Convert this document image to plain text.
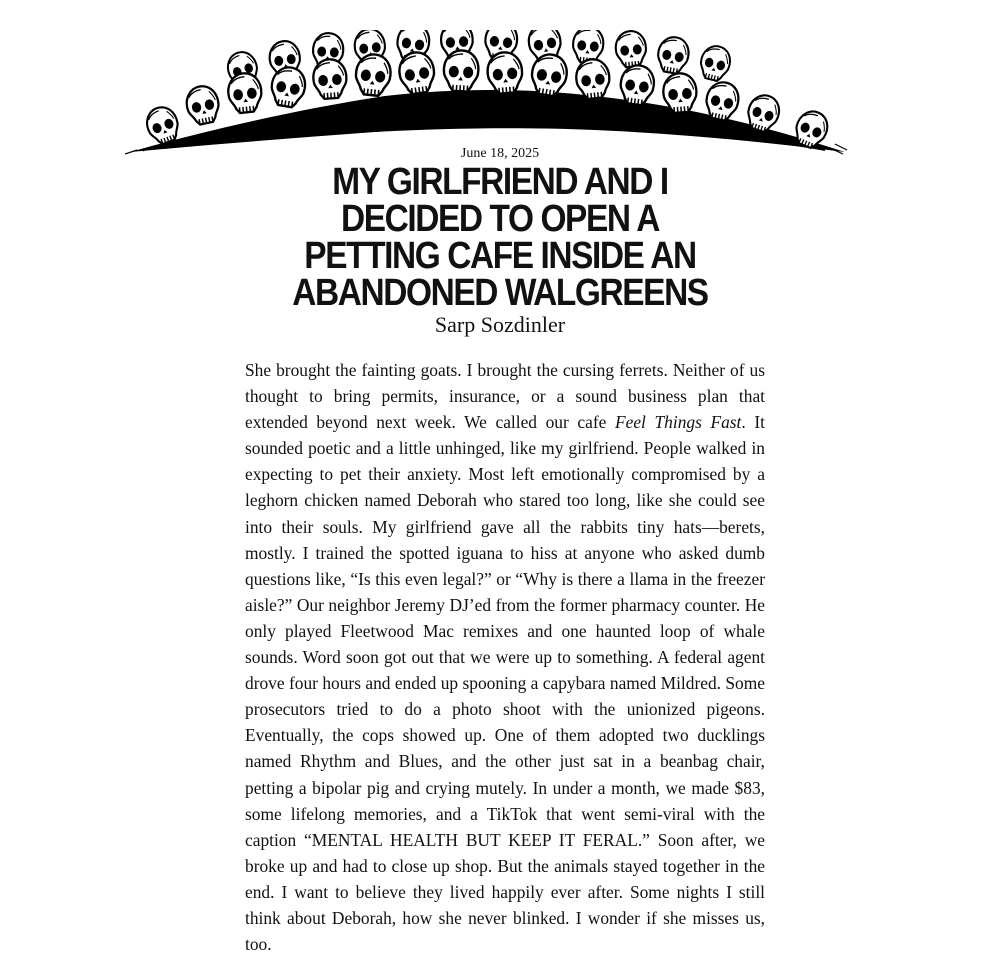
June 18, 2025
MY GIRLFRIEND AND I DECIDED TO OPEN A PETTING CAFE INSIDE AN ABANDONED WALGREENS
Sarp Sozdinler

She brought the fainting goats. I brought the cursing ferrets. Neither of us thought to bring permits, insurance, or a sound business plan that extended beyond next week. We called our cafe Feel Things Fast. It sounded poetic and a little unhinged, like my girlfriend. People walked in expecting to pet their anxiety. Most left emotionally compromised by a leghorn chicken named Deborah who stared too long, like she could see into their souls. My girlfriend gave all the rabbits tiny hats—berets, mostly. I trained the spotted iguana to hiss at anyone who asked dumb questions like, “Is this even legal?” or “Why is there a llama in the freezer aisle?” Our neighbor Jeremy DJ’ed from the former pharmacy counter. He only played Fleetwood Mac remixes and one haunted loop of whale sounds. Word soon got out that we were up to something. A federal agent drove four hours and ended up spooning a capybara named Mildred. Some prosecutors tried to do a photo shoot with the unionized pigeons. Eventually, the cops showed up. One of them adopted two ducklings named Rhythm and Blues, and the other just sat in a beanbag chair, petting a bipolar pig and crying mutely. In under a month, we made $83, some lifelong memories, and a TikTok that went semi-viral with the caption “MENTAL HEALTH BUT KEEP IT FERAL.” Soon after, we broke up and had to close up shop. But the animals stayed together in the end. I want to believe they lived happily ever after. Some nights I still think about Deborah, how she never blinked. I wonder if she misses us, too.
